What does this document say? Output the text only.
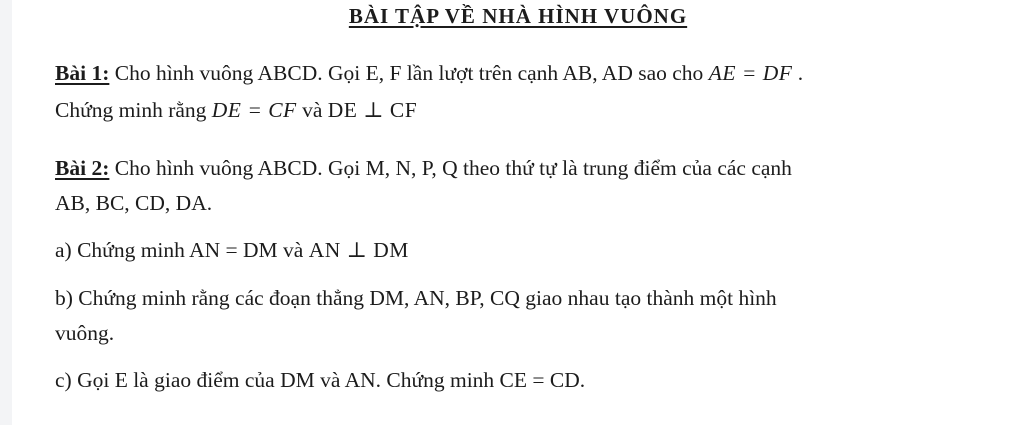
BÀI TẬP VỀ NHÀ HÌNH VUÔNG
Bài 1: Cho hình vuông ABCD. Gọi E, F lần lượt trên cạnh AB, AD sao cho AE = DF .
Chứng minh rằng DE = CF và DE ⊥ CF
Bài 2: Cho hình vuông ABCD. Gọi M, N, P, Q theo thứ tự là trung điểm của các cạnh
AB, BC, CD, DA.
a) Chứng minh AN = DM và AN ⊥ DM
b) Chứng minh rằng các đoạn thẳng DM, AN, BP, CQ giao nhau tạo thành một hình
vuông.
c) Gọi E là giao điểm của DM và AN. Chứng minh CE = CD.
